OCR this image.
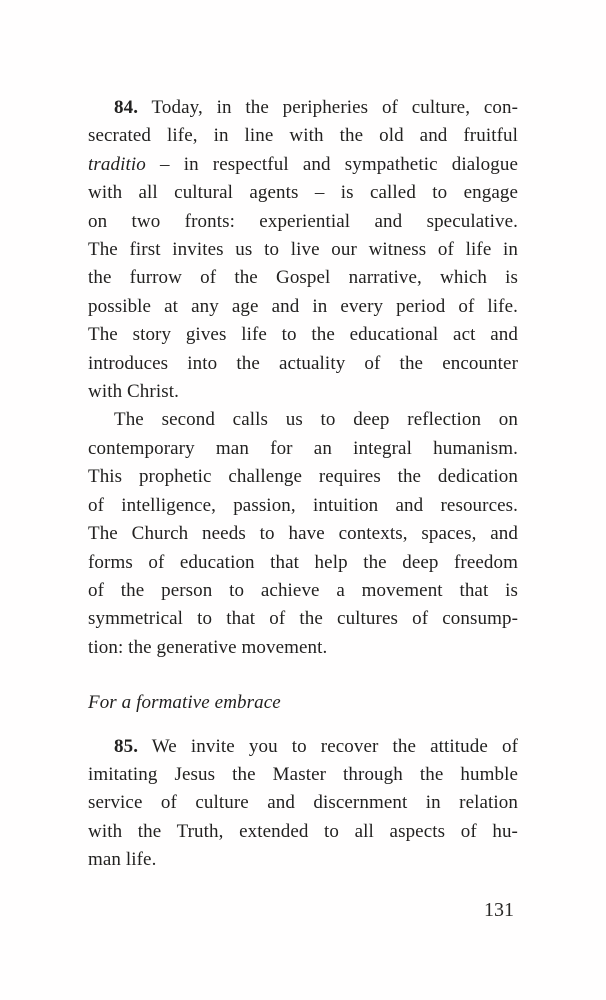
84. Today, in the peripheries of culture, con-
secrated life, in line with the old and fruitful
traditio – in respectful and sympathetic dialogue
with all cultural agents – is called to engage
on two fronts: experiential and speculative.
The first invites us to live our witness of life in
the furrow of the Gospel narrative, which is
possible at any age and in every period of life.
The story gives life to the educational act and
introduces into the actuality of the encounter
with Christ.

The second calls us to deep reflection on
contemporary man for an integral humanism.
This prophetic challenge requires the dedication
of intelligence, passion, intuition and resources.
The Church needs to have contexts, spaces, and
forms of education that help the deep freedom
of the person to achieve a movement that is
symmetrical to that of the cultures of consump-
tion: the generative movement.

For a formative embrace

85. We invite you to recover the attitude of
imitating Jesus the Master through the humble
service of culture and discernment in relation
with the Truth, extended to all aspects of hu-
man life.

131
